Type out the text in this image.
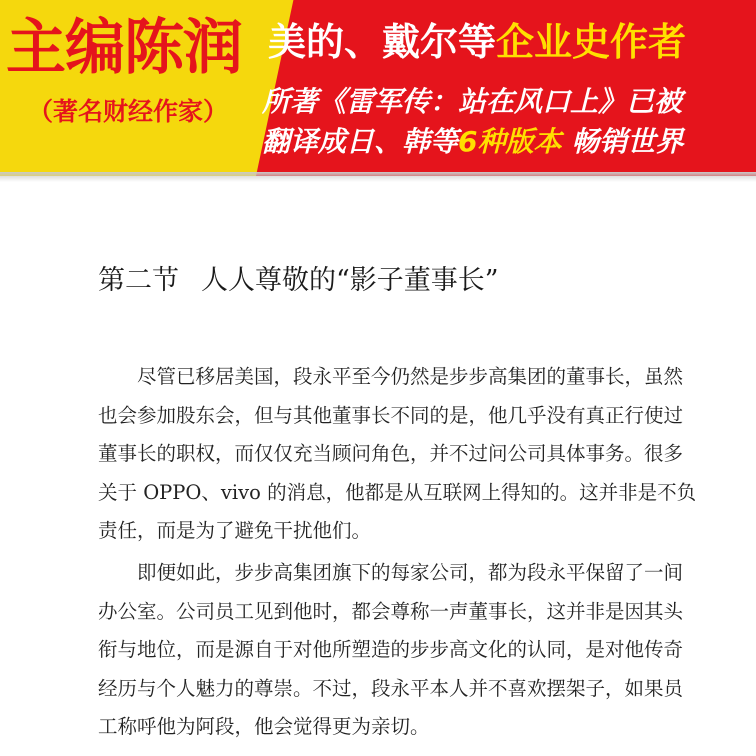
主编陈润
（著名财经作家）
美的、戴尔等企业史作者
所著《雷军传：站在风口上》已被
翻译成日、韩等6种版本 畅销世界
第二节 人人尊敬的“影子董事长”
　　尽管已移居美国，段永平至今仍然是步步高集团的董事长，虽然
也会参加股东会，但与其他董事长不同的是，他几乎没有真正行使过
董事长的职权，而仅仅充当顾问角色，并不过问公司具体事务。很多
关于 OPPO、vivo 的消息，他都是从互联网上得知的。这并非是不负
责任，而是为了避免干扰他们。
　　即便如此，步步高集团旗下的每家公司，都为段永平保留了一间
办公室。公司员工见到他时，都会尊称一声董事长，这并非是因其头
衔与地位，而是源自于对他所塑造的步步高文化的认同，是对他传奇
经历与个人魅力的尊崇。不过，段永平本人并不喜欢摆架子，如果员
工称呼他为阿段，他会觉得更为亲切。
